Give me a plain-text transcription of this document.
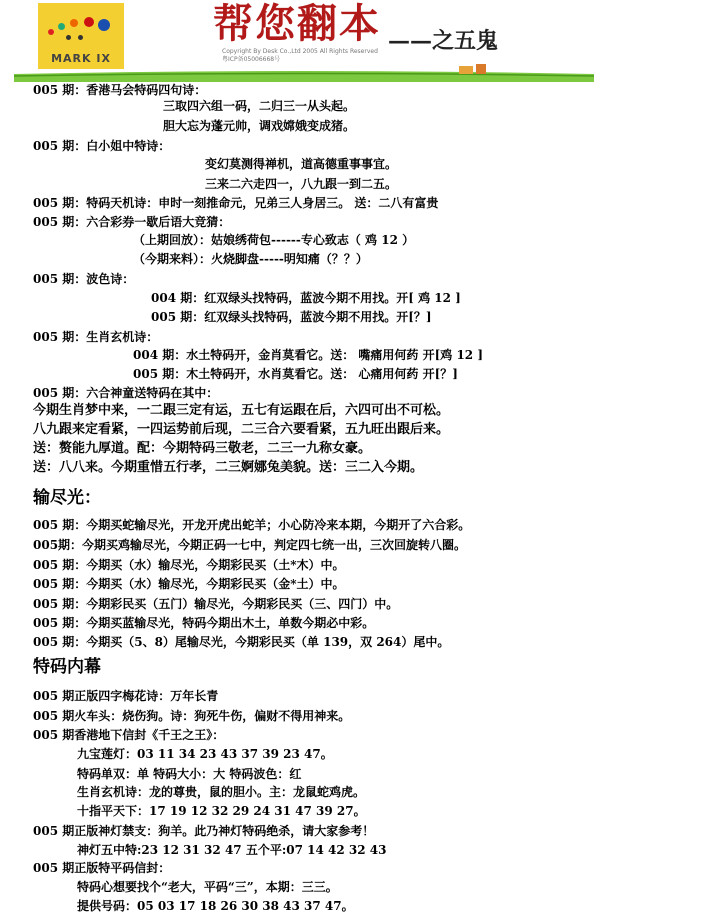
MARK IX
帮您翻本 ——之五鬼
Copyright By Desk Co.,Ltd 2005 All Rights Reserved
粤ICP备05006668号
005 期：香港马会特码四句诗：
三取四六组一码，二归三一从头起。
胆大忘为蓬元帅，调戏嫦娥变成猪。
005 期：白小姐中特诗：
变幻莫测得禅机，道高德重事事宜。
三来二六走四一，八九跟一到二五。
005 期：特码天机诗：申时一刻推命元，兄弟三人身居三。 送：二八有富贵
005 期：六合彩券一歇后语大竞猜：
（上期回放）：姑娘绣荷包------专心致志（ 鸡 12 ）
（今期来料）：火烧脚盘-----明知痛（？？）
005 期：波色诗：
004 期：红双绿头找特码，蓝波今期不用找。开[ 鸡 12 ]
005 期：红双绿头找特码，蓝波今期不用找。开[？]
005 期：生肖玄机诗：
004 期：水土特码开，金肖莫看它。送： 嘴痛用何药 开[鸡 12 ]
005 期：木土特码开，水肖莫看它。送： 心痛用何药 开[？]
005 期：六合神童送特码在其中：
今期生肖梦中来，一二跟三定有运，五七有运跟在后，六四可出不可松。
八九跟来定看紧，一四运势前后现，二三合六要看紧，五九旺出跟后来。
送：赘能九厚道。配：今期特码三敬老，二三一九称女豪。
送：八八来。今期重惜五行孝，二三婀娜兔美貌。送：三二入今期。
输尽光：
005 期：今期买蛇输尽光，开龙开虎出蛇羊；小心防冷来本期，今期开了六合彩。
005期：今期买鸡输尽光，今期正码一七中，判定四七统一出，三次回旋转八圈。
005 期：今期买（水）输尽光，今期彩民买（土*木）中。
005 期：今期买（水）输尽光，今期彩民买（金*土）中。
005 期：今期彩民买（五门）输尽光，今期彩民买（三、四门）中。
005 期：今期买蓝输尽光，特码今期出木土，单数今期必中彩。
005 期：今期买（5、8）尾输尽光，今期彩民买（单 139，双 264）尾中。
特码内幕
005 期正版四字梅花诗：万年长青
005 期火车头：烧伤狗。诗：狗死牛伤，偏财不得用神来。
005 期香港地下信封《千王之王》：
九宝莲灯：03 11 34 23 43 37 39 23 47。
特码单双：单 特码大小：大 特码波色：红
生肖玄机诗：龙的尊贵，鼠的胆小。主：龙鼠蛇鸡虎。
十指平天下：17 19 12 32 29 24 31 47 39 27。
005 期正版神灯禁支：狗羊。此乃神灯特码绝杀，请大家参考！
神灯五中特:23 12 31 32 47 五个平:07 14 42 32 43
005 期正版特平码信封：
特码心想要找个“老大，平码“三”，本期：三三。
提供号码：05 03 17 18 26 30 38 43 37 47。
